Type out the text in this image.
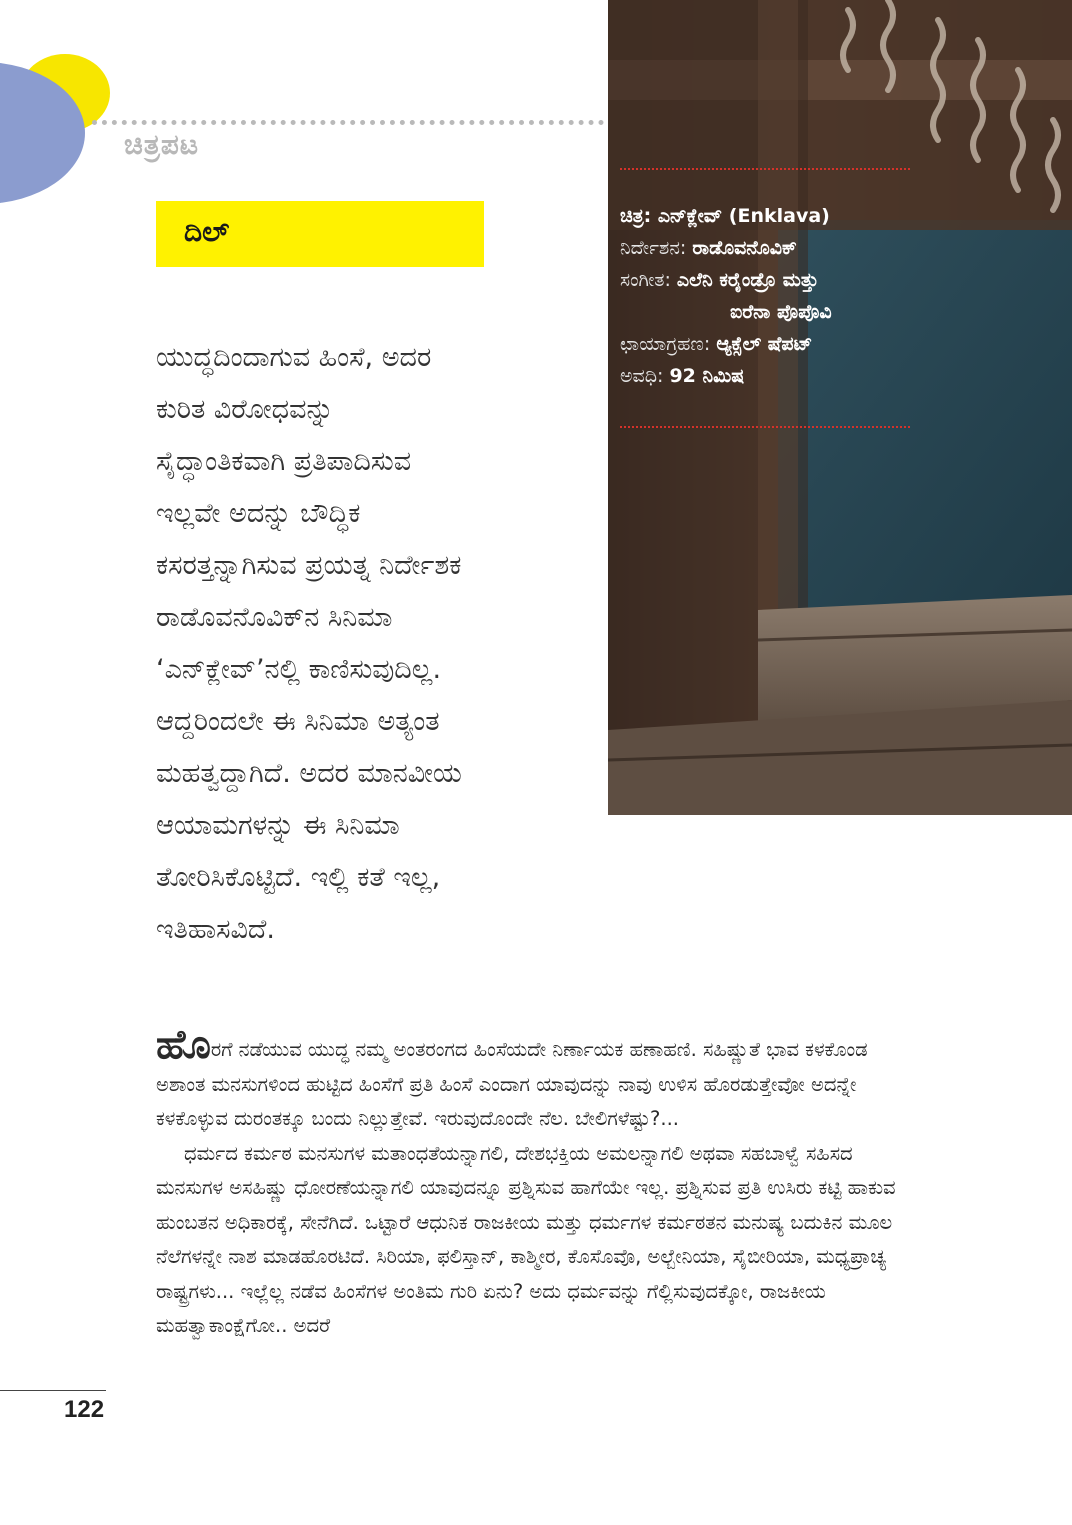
ಚಿತ್ರಪಟ
ದಿಲ್

ಯುದ್ಧದಿಂದಾಗುವ ಹಿಂಸೆ, ಅದರ

ಕುರಿತ ವಿರೋಧವನ್ನು

ಸೈದ್ಧಾಂತಿಕವಾಗಿ ಪ್ರತಿಪಾದಿಸುವ

ಇಲ್ಲವೇ ಅದನ್ನು ಬೌದ್ಧಿಕ

ಕಸರತ್ತನ್ನಾಗಿಸುವ ಪ್ರಯತ್ನ ನಿರ್ದೇಶಕ

ರಾಡೊವನೊವಿಕ್‌ನ ಸಿನಿಮಾ

‘ಎನ್‌ಕ್ಲೇವ್’ನಲ್ಲಿ ಕಾಣಿಸುವುದಿಲ್ಲ.

ಆದ್ದರಿಂದಲೇ ಈ ಸಿನಿಮಾ ಅತ್ಯಂತ

ಮಹತ್ವದ್ದಾಗಿದೆ. ಅದರ ಮಾನವೀಯ

ಆಯಾಮಗಳನ್ನು ಈ ಸಿನಿಮಾ

ತೋರಿಸಿಕೊಟ್ಟಿದೆ. ಇಲ್ಲಿ ಕತೆ ಇಲ್ಲ,

ಇತಿಹಾಸವಿದೆ.

ಚಿತ್ರ: ಎನ್‌ಕ್ಲೇವ್ (Enklava)
ನಿರ್ದೇಶನ: ರಾಡೊವನೊವಿಕ್
ಸಂಗೀತ: ಎಲೆನಿ ಕರೈಂಡ್ರೊ ಮತ್ತು
ಐರೆನಾ ಪೊಪೊವಿ
ಛಾಯಾಗ್ರಹಣ: ಆ್ಯಕ್ಸೆಲ್ ಷೆಪಟ್
ಅವಧಿ: 92 ನಿಮಿಷ

ಹೊರಗೆ ನಡೆಯುವ ಯುದ್ಧ ನಮ್ಮ ಅಂತರಂಗದ ಹಿಂಸೆಯದೇ ನಿರ್ಣಾಯಕ ಹಣಾಹಣಿ. ಸಹಿಷ್ಣುತೆ ಭಾವ ಕಳಕೊಂಡ ಅಶಾಂತ ಮನಸುಗಳಿಂದ ಹುಟ್ಟಿದ ಹಿಂಸೆಗೆ ಪ್ರತಿ ಹಿಂಸೆ ಎಂದಾಗ ಯಾವುದನ್ನು ನಾವು ಉಳಿಸ ಹೊರಡುತ್ತೇವೋ ಅದನ್ನೇ ಕಳಕೊಳ್ಳುವ ದುರಂತಕ್ಕೂ ಬಂದು ನಿಲ್ಲುತ್ತೇವೆ. ಇರುವುದೊಂದೇ ನೆಲ. ಬೇಲಿಗಳೆಷ್ಟು?...

ಧರ್ಮದ ಕರ್ಮಠ ಮನಸುಗಳ ಮತಾಂಧತೆಯನ್ನಾಗಲಿ, ದೇಶಭಕ್ತಿಯ ಅಮಲನ್ನಾಗಲಿ ಅಥವಾ ಸಹಬಾಳ್ವೆ ಸಹಿಸದ ಮನಸುಗಳ ಅಸಹಿಷ್ಣು ಧೋರಣೆಯನ್ನಾಗಲಿ ಯಾವುದನ್ನೂ ಪ್ರಶ್ನಿಸುವ ಹಾಗೆಯೇ ಇಲ್ಲ. ಪ್ರಶ್ನಿಸುವ ಪ್ರತಿ ಉಸಿರು ಕಟ್ಟಿ ಹಾಕುವ ಹುಂಬತನ ಅಧಿಕಾರಕ್ಕೆ, ಸೇನೆಗಿದೆ. ಒಟ್ಟಾರೆ ಆಧುನಿಕ ರಾಜಕೀಯ ಮತ್ತು ಧರ್ಮಗಳ ಕರ್ಮಠತನ ಮನುಷ್ಯ ಬದುಕಿನ ಮೂಲ ನೆಲೆಗಳನ್ನೇ ನಾಶ ಮಾಡಹೊರಟಿದೆ. ಸಿರಿಯಾ, ಫಲಿಸ್ತಾನ್, ಕಾಶ್ಮೀರ, ಕೊಸೊವೊ, ಅಲ್ಬೇನಿಯಾ, ಸೈಬೀರಿಯಾ, ಮಧ್ಯಪ್ರಾಚ್ಯ ರಾಷ್ಟ್ರಗಳು... ಇಲ್ಲೆಲ್ಲ ನಡೆವ ಹಿಂಸೆಗಳ ಅಂತಿಮ ಗುರಿ ಏನು? ಅದು ಧರ್ಮವನ್ನು ಗೆಲ್ಲಿಸುವುದಕ್ಕೋ, ರಾಜಕೀಯ ಮಹತ್ವಾಕಾಂಕ್ಷೆಗೋ.. ಅದರೆ

122
